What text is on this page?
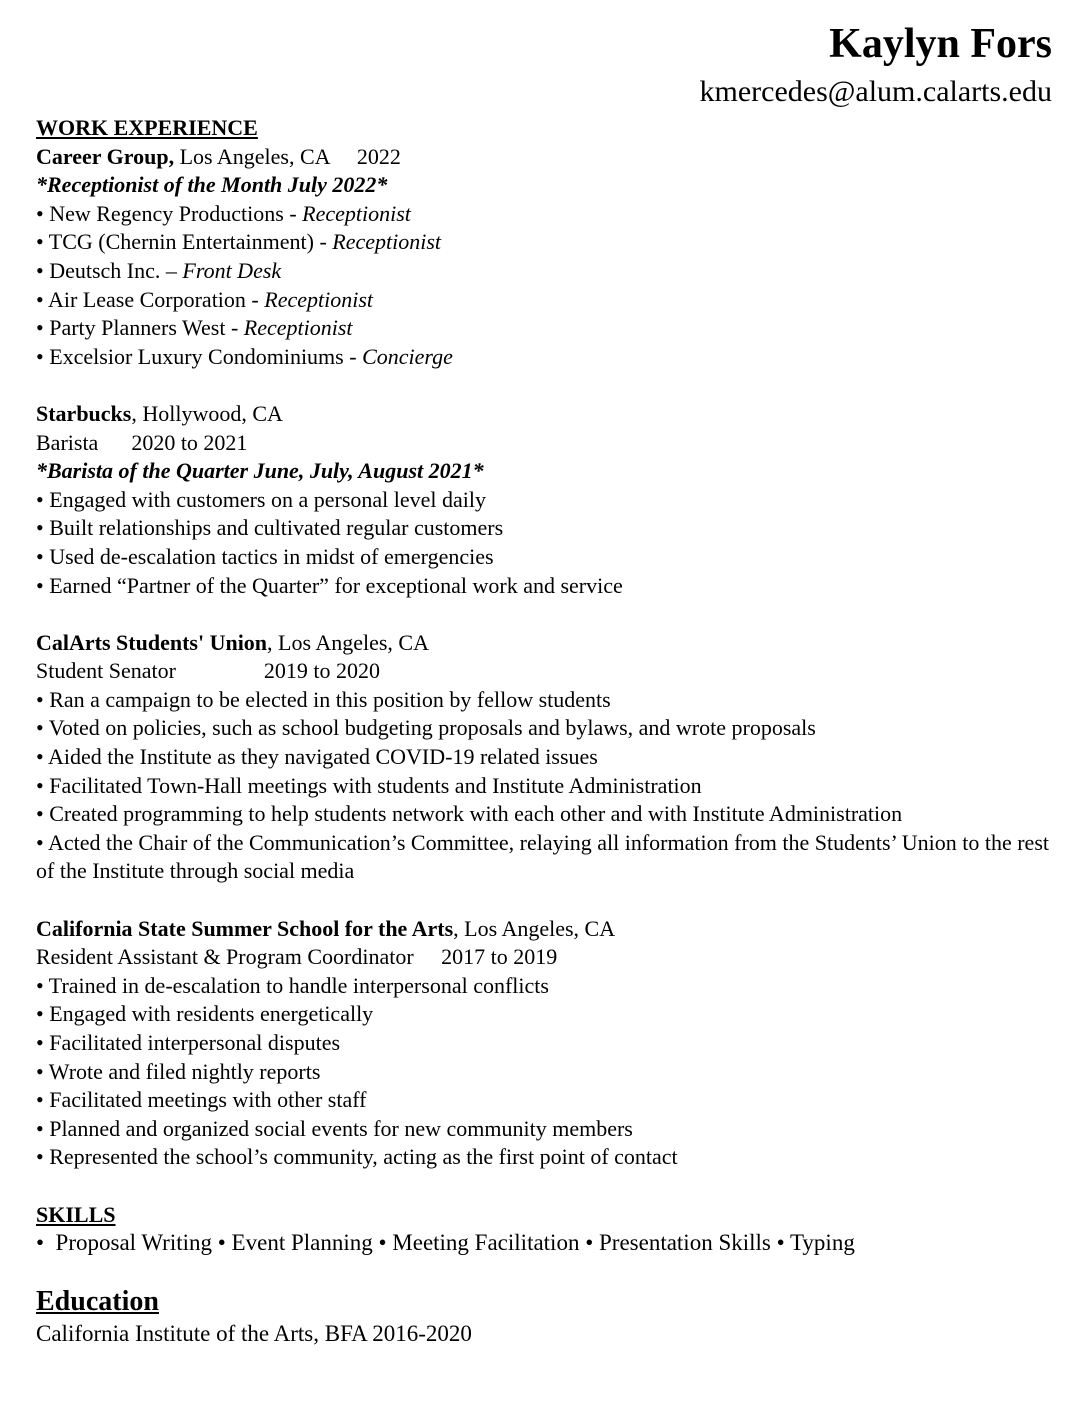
Kaylyn Fors
kmercedes@alum.calarts.edu
WORK EXPERIENCE
Career Group, Los Angeles, CA     2022
*Receptionist of the Month July 2022*
• New Regency Productions - Receptionist
• TCG (Chernin Entertainment) - Receptionist
• Deutsch Inc. – Front Desk
• Air Lease Corporation - Receptionist
• Party Planners West - Receptionist
• Excelsior Luxury Condominiums - Concierge
Starbucks, Hollywood, CA
Barista      2020 to 2021
*Barista of the Quarter June, July, August 2021*
• Engaged with customers on a personal level daily
• Built relationships and cultivated regular customers
• Used de-escalation tactics in midst of emergencies
• Earned “Partner of the Quarter” for exceptional work and service
CalArts Students' Union, Los Angeles, CA
Student Senator                2019 to 2020
• Ran a campaign to be elected in this position by fellow students
• Voted on policies, such as school budgeting proposals and bylaws, and wrote proposals
• Aided the Institute as they navigated COVID-19 related issues
• Facilitated Town-Hall meetings with students and Institute Administration
• Created programming to help students network with each other and with Institute Administration
• Acted the Chair of the Communication’s Committee, relaying all information from the Students’ Union to the rest of the Institute through social media
California State Summer School for the Arts, Los Angeles, CA
Resident Assistant & Program Coordinator     2017 to 2019
• Trained in de-escalation to handle interpersonal conflicts
• Engaged with residents energetically
• Facilitated interpersonal disputes
• Wrote and filed nightly reports
• Facilitated meetings with other staff
• Planned and organized social events for new community members
• Represented the school’s community, acting as the first point of contact
SKILLS
•  Proposal Writing • Event Planning • Meeting Facilitation • Presentation Skills • Typing
Education
California Institute of the Arts, BFA 2016-2020
